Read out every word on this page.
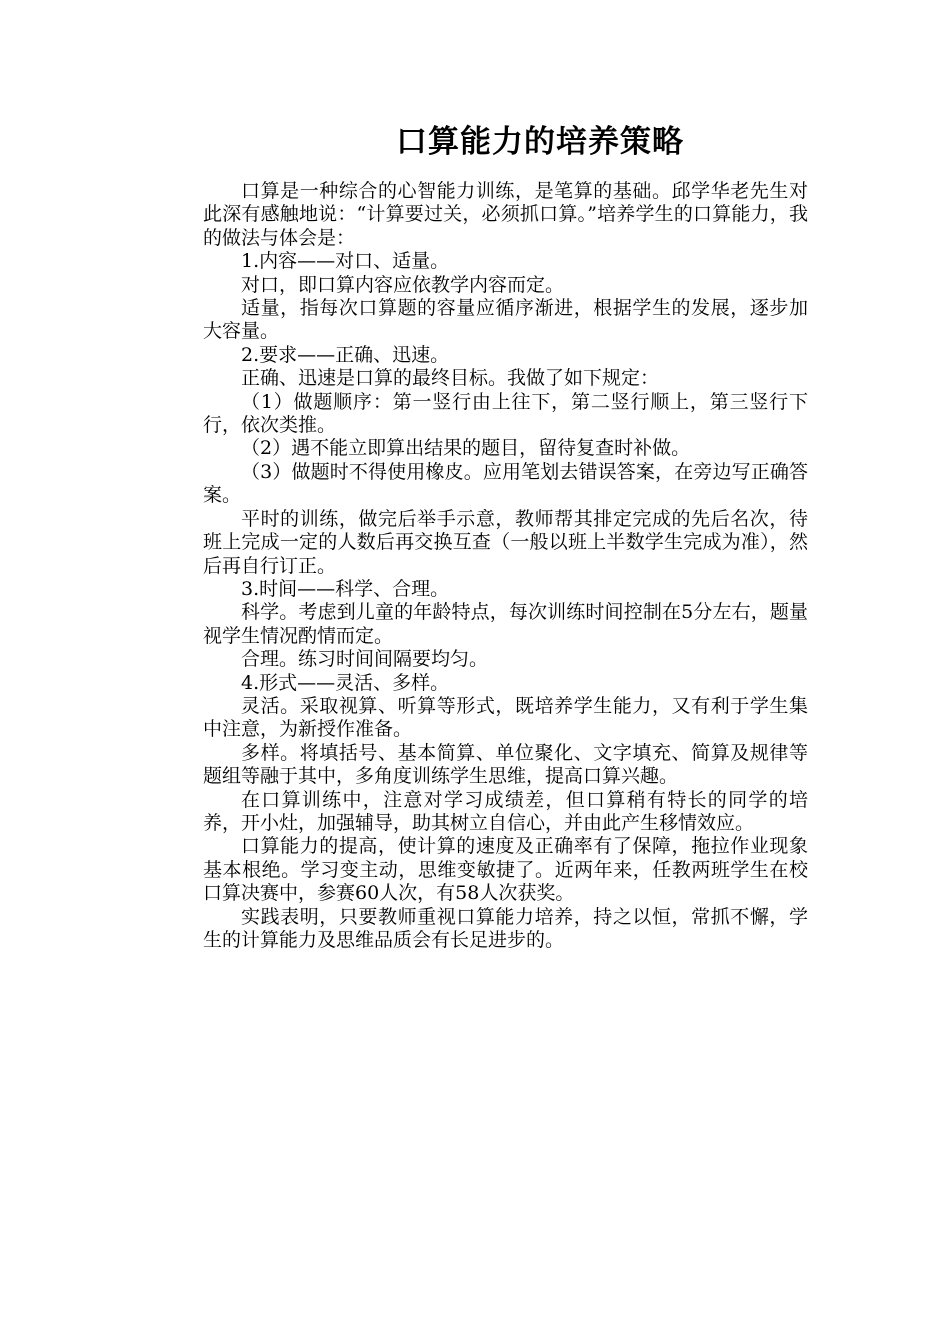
口算能力的培养策略

口算是一种综合的心智能力训练，是笔算的基础。邱学华老先生对此深有感触地说：“计算要过关，必须抓口算。”培养学生的口算能力，我的做法与体会是：

1.内容——对口、适量。

对口，即口算内容应依教学内容而定。

适量，指每次口算题的容量应循序渐进，根据学生的发展，逐步加大容量。

2.要求——正确、迅速。

正确、迅速是口算的最终目标。我做了如下规定：

（1）做题顺序：第一竖行由上往下，第二竖行顺上，第三竖行下行，依次类推。

（2）遇不能立即算出结果的题目，留待复查时补做。

（3）做题时不得使用橡皮。应用笔划去错误答案，在旁边写正确答案。

平时的训练，做完后举手示意，教师帮其排定完成的先后名次，待班上完成一定的人数后再交换互查（一般以班上半数学生完成为准），然后再自行订正。

3.时间——科学、合理。

科学。考虑到儿童的年龄特点，每次训练时间控制在5分左右，题量视学生情况酌情而定。

合理。练习时间间隔要均匀。

4.形式——灵活、多样。

灵活。采取视算、听算等形式，既培养学生能力，又有利于学生集中注意，为新授作准备。

多样。将填括号、基本简算、单位聚化、文字填充、简算及规律等题组等融于其中，多角度训练学生思维，提高口算兴趣。

在口算训练中，注意对学习成绩差，但口算稍有特长的同学的培养，开小灶，加强辅导，助其树立自信心，并由此产生移情效应。

口算能力的提高，使计算的速度及正确率有了保障，拖拉作业现象基本根绝。学习变主动，思维变敏捷了。近两年来，任教两班学生在校口算决赛中，参赛60人次，有58人次获奖。

实践表明，只要教师重视口算能力培养，持之以恒，常抓不懈，学生的计算能力及思维品质会有长足进步的。
